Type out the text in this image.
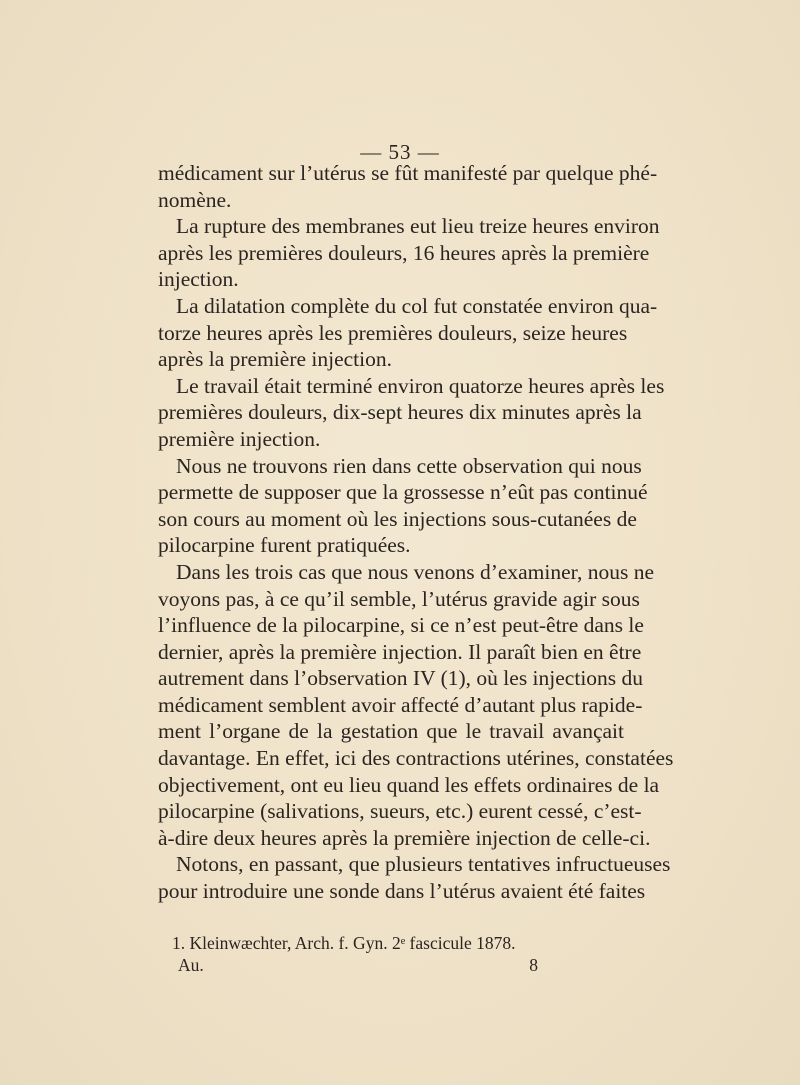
— 53 —
médicament sur l’utérus se fût manifesté par quelque phé-
nomène.
La rupture des membranes eut lieu treize heures environ
après les premières douleurs, 16 heures après la première
injection.
La dilatation complète du col fut constatée environ qua-
torze heures après les premières douleurs, seize heures
après la première injection.
Le travail était terminé environ quatorze heures après les
premières douleurs, dix-sept heures dix minutes après la
première injection.
Nous ne trouvons rien dans cette observation qui nous
permette de supposer que la grossesse n’eût pas continué
son cours au moment où les injections sous-cutanées de
pilocarpine furent pratiquées.
Dans les trois cas que nous venons d’examiner, nous ne
voyons pas, à ce qu’il semble, l’utérus gravide agir sous
l’influence de la pilocarpine, si ce n’est peut-être dans le
dernier, après la première injection. Il paraît bien en être
autrement dans l’observation IV (1), où les injections du
médicament semblent avoir affecté d’autant plus rapide-
ment l’organe de la gestation que le travail avançait
davantage. En effet, ici des contractions utérines, constatées
objectivement, ont eu lieu quand les effets ordinaires de la
pilocarpine (salivations, sueurs, etc.) eurent cessé, c’est-
à-dire deux heures après la première injection de celle-ci.
Notons, en passant, que plusieurs tentatives infructueuses
pour introduire une sonde dans l’utérus avaient été faites
1. Kleinwæchter, Arch. f. Gyn. 2ᵉ fascicule 1878.
Au.	8
